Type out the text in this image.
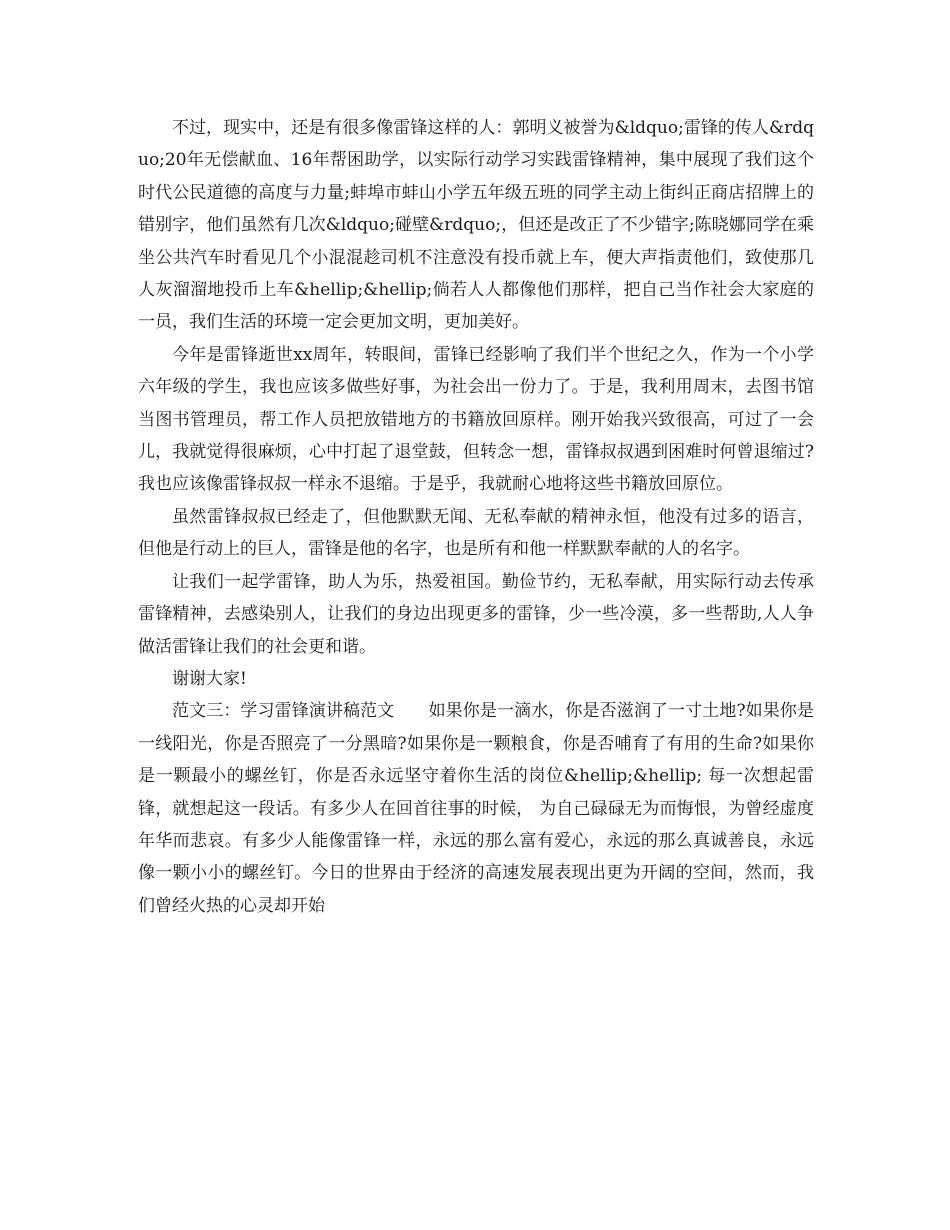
不过，现实中，还是有很多像雷锋这样的人：郭明义被誉为&ldquo;雷锋的传人&rdquo;20年无偿献血、16年帮困助学，以实际行动学习实践雷锋精神，集中展现了我们这个时代公民道德的高度与力量;蚌埠市蚌山小学五年级五班的同学主动上街纠正商店招牌上的错别字，他们虽然有几次&ldquo;碰壁&rdquo;，但还是改正了不少错字;陈晓娜同学在乘坐公共汽车时看见几个小混混趁司机不注意没有投币就上车，便大声指责他们，致使那几人灰溜溜地投币上车&hellip;&hellip;倘若人人都像他们那样，把自己当作社会大家庭的一员，我们生活的环境一定会更加文明，更加美好。

今年是雷锋逝世xx周年，转眼间，雷锋已经影响了我们半个世纪之久，作为一个小学六年级的学生，我也应该多做些好事，为社会出一份力了。于是，我利用周末，去图书馆当图书管理员，帮工作人员把放错地方的书籍放回原样。刚开始我兴致很高，可过了一会儿，我就觉得很麻烦，心中打起了退堂鼓，但转念一想，雷锋叔叔遇到困难时何曾退缩过?我也应该像雷锋叔叔一样永不退缩。于是乎，我就耐心地将这些书籍放回原位。

虽然雷锋叔叔已经走了，但他默默无闻、无私奉献的精神永恒，他没有过多的语言，但他是行动上的巨人，雷锋是他的名字，也是所有和他一样默默奉献的人的名字。

让我们一起学雷锋，助人为乐，热爱祖国。勤俭节约，无私奉献，用实际行动去传承雷锋精神，去感染别人，让我们的身边出现更多的雷锋，少一些冷漠，多一些帮助,人人争做活雷锋让我们的社会更和谐。

谢谢大家!

范文三：学习雷锋演讲稿范文　　如果你是一滴水，你是否滋润了一寸土地?如果你是一线阳光，你是否照亮了一分黑暗?如果你是一颗粮食，你是否哺育了有用的生命?如果你是一颗最小的螺丝钉，你是否永远坚守着你生活的岗位&hellip;&hellip; 每一次想起雷锋，就想起这一段话。有多少人在回首往事的时候， 为自己碌碌无为而悔恨，为曾经虚度年华而悲哀。有多少人能像雷锋一样，永远的那么富有爱心，永远的那么真诚善良，永远像一颗小小的螺丝钉。今日的世界由于经济的高速发展表现出更为开阔的空间，然而，我们曾经火热的心灵却开始
